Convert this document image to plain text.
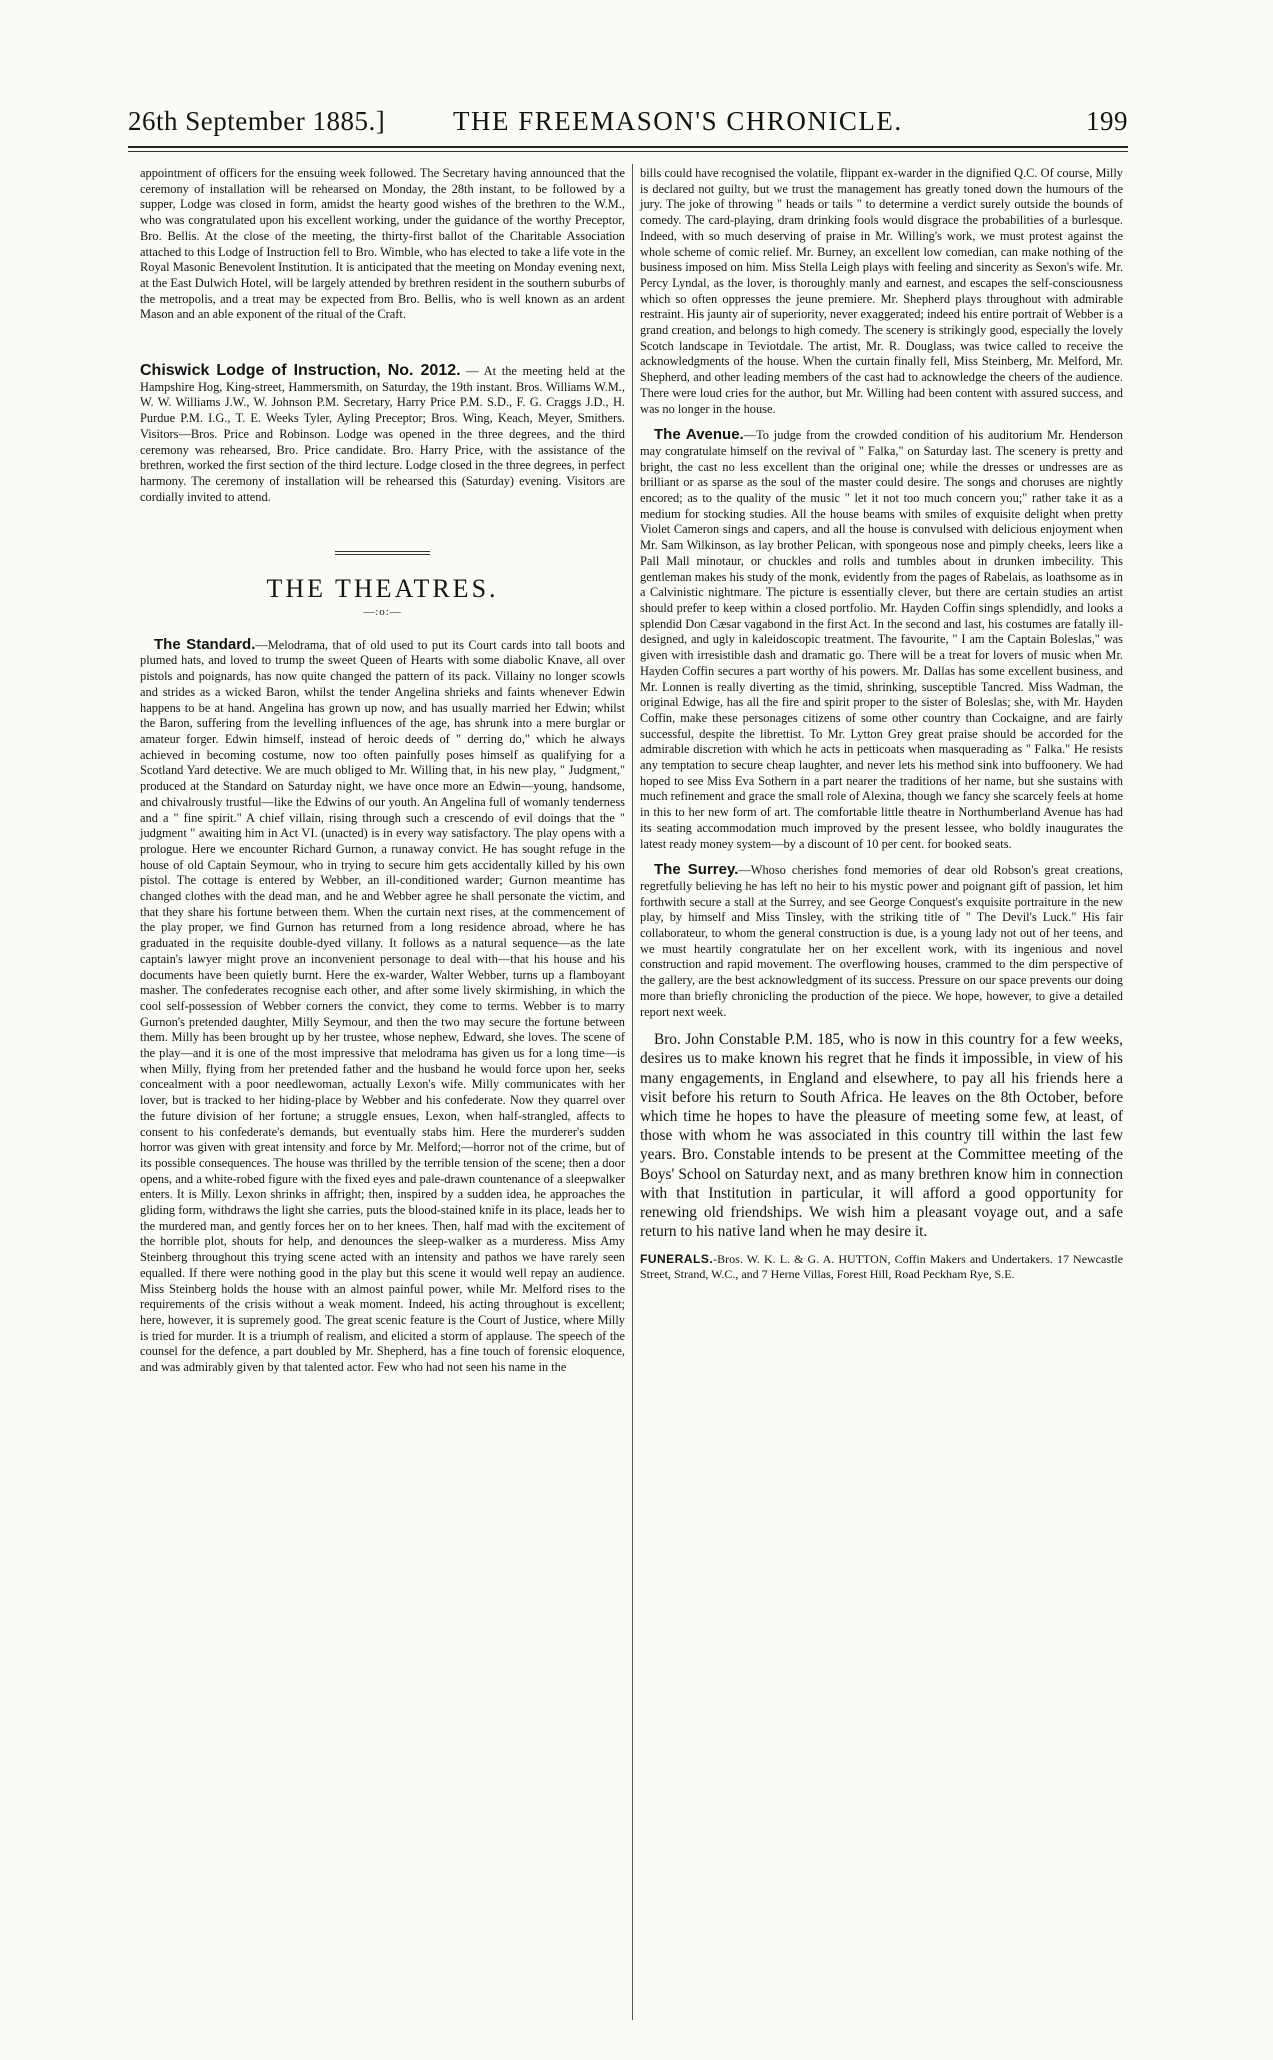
26th September 1885.]	THE FREEMASON'S CHRONICLE.	199

appointment of officers for the ensuing week followed. The Secretary having announced that the ceremony of installation will be rehearsed on Monday, the 28th instant, to be followed by a supper, Lodge was closed in form, amidst the hearty good wishes of the brethren to the W.M., who was congratulated upon his excellent working, under the guidance of the worthy Preceptor, Bro. Bellis. At the close of the meeting, the thirty-first ballot of the Charitable Association attached to this Lodge of Instruction fell to Bro. Wimble, who has elected to take a life vote in the Royal Masonic Benevolent Institution. It is anticipated that the meeting on Monday evening next, at the East Dulwich Hotel, will be largely attended by brethren resident in the southern suburbs of the metropolis, and a treat may be expected from Bro. Bellis, who is well known as an ardent Mason and an able exponent of the ritual of the Craft.

Chiswick Lodge of Instruction, No. 2012. — At the meeting held at the Hampshire Hog, King-street, Hammersmith, on Saturday, the 19th instant. Bros. Williams W.M., W. W. Williams J.W., W. Johnson P.M. Secretary, Harry Price P.M. S.D., F. G. Craggs J.D., H. Purdue P.M. I.G., T. E. Weeks Tyler, Ayling Preceptor; Bros. Wing, Keach, Meyer, Smithers. Visitors—Bros. Price and Robinson. Lodge was opened in the three degrees, and the third ceremony was rehearsed, Bro. Price candidate. Bro. Harry Price, with the assistance of the brethren, worked the first section of the third lecture. Lodge closed in the three degrees, in perfect harmony. The ceremony of installation will be rehearsed this (Saturday) evening. Visitors are cordially invited to attend.

THE THEATRES.
—:o:—

The Standard.—Melodrama, that of old used to put its Court cards into tall boots and plumed hats, and loved to trump the sweet Queen of Hearts with some diabolic Knave, all over pistols and poignards, has now quite changed the pattern of its pack. Villainy no longer scowls and strides as a wicked Baron, whilst the tender Angelina shrieks and faints whenever Edwin happens to be at hand. Angelina has grown up now, and has usually married her Edwin; whilst the Baron, suffering from the levelling influences of the age, has shrunk into a mere burglar or amateur forger. Edwin himself, instead of heroic deeds of " derring do," which he always achieved in becoming costume, now too often painfully poses himself as qualifying for a Scotland Yard detective. We are much obliged to Mr. Willing that, in his new play, " Judgment," produced at the Standard on Saturday night, we have once more an Edwin—young, handsome, and chivalrously trustful—like the Edwins of our youth. An Angelina full of womanly tenderness and a " fine spirit." A chief villain, rising through such a crescendo of evil doings that the " judgment " awaiting him in Act VI. (unacted) is in every way satisfactory. The play opens with a prologue. Here we encounter Richard Gurnon, a runaway convict. He has sought refuge in the house of old Captain Seymour, who in trying to secure him gets accidentally killed by his own pistol. The cottage is entered by Webber, an ill-conditioned warder; Gurnon meantime has changed clothes with the dead man, and he and Webber agree he shall personate the victim, and that they share his fortune between them. When the curtain next rises, at the commencement of the play proper, we find Gurnon has returned from a long residence abroad, where he has graduated in the requisite double-dyed villany. It follows as a natural sequence—as the late captain's lawyer might prove an inconvenient personage to deal with—that his house and his documents have been quietly burnt. Here the ex-warder, Walter Webber, turns up a flamboyant masher. The confederates recognise each other, and after some lively skirmishing, in which the cool self-possession of Webber corners the convict, they come to terms. Webber is to marry Gurnon's pretended daughter, Milly Seymour, and then the two may secure the fortune between them. Milly has been brought up by her trustee, whose nephew, Edward, she loves. The scene of the play—and it is one of the most impressive that melodrama has given us for a long time—is when Milly, flying from her pretended father and the husband he would force upon her, seeks concealment with a poor needlewoman, actually Lexon's wife. Milly communicates with her lover, but is tracked to her hiding-place by Webber and his confederate. Now they quarrel over the future division of her fortune; a struggle ensues, Lexon, when half-strangled, affects to consent to his confederate's demands, but eventually stabs him. Here the murderer's sudden horror was given with great intensity and force by Mr. Melford;—horror not of the crime, but of its possible consequences. The house was thrilled by the terrible tension of the scene; then a door opens, and a white-robed figure with the fixed eyes and pale-drawn countenance of a sleepwalker enters. It is Milly. Lexon shrinks in affright; then, inspired by a sudden idea, he approaches the gliding form, withdraws the light she carries, puts the blood-stained knife in its place, leads her to the murdered man, and gently forces her on to her knees. Then, half mad with the excitement of the horrible plot, shouts for help, and denounces the sleep-walker as a murderess. Miss Amy Steinberg throughout this trying scene acted with an intensity and pathos we have rarely seen equalled. If there were nothing good in the play but this scene it would well repay an audience. Miss Steinberg holds the house with an almost painful power, while Mr. Melford rises to the requirements of the crisis without a weak moment. Indeed, his acting throughout is excellent; here, however, it is supremely good. The great scenic feature is the Court of Justice, where Milly is tried for murder. It is a triumph of realism, and elicited a storm of applause. The speech of the counsel for the defence, a part doubled by Mr. Shepherd, has a fine touch of forensic eloquence, and was admirably given by that talented actor. Few who had not seen his name in the

bills could have recognised the volatile, flippant ex-warder in the dignified Q.C. Of course, Milly is declared not guilty, but we trust the management has greatly toned down the humours of the jury. The joke of throwing " heads or tails " to determine a verdict surely outside the bounds of comedy. The card-playing, dram drinking fools would disgrace the probabilities of a burlesque. Indeed, with so much deserving of praise in Mr. Willing's work, we must protest against the whole scheme of comic relief. Mr. Burney, an excellent low comedian, can make nothing of the business imposed on him. Miss Stella Leigh plays with feeling and sincerity as Sexon's wife. Mr. Percy Lyndal, as the lover, is thoroughly manly and earnest, and escapes the self-consciousness which so often oppresses the jeune premiere. Mr. Shepherd plays throughout with admirable restraint. His jaunty air of superiority, never exaggerated; indeed his entire portrait of Webber is a grand creation, and belongs to high comedy. The scenery is strikingly good, especially the lovely Scotch landscape in Teviotdale. The artist, Mr. R. Douglass, was twice called to receive the acknowledgments of the house. When the curtain finally fell, Miss Steinberg, Mr. Melford, Mr. Shepherd, and other leading members of the cast had to acknowledge the cheers of the audience. There were loud cries for the author, but Mr. Willing had been content with assured success, and was no longer in the house.

The Avenue.—To judge from the crowded condition of his auditorium Mr. Henderson may congratulate himself on the revival of " Falka," on Saturday last. The scenery is pretty and bright, the cast no less excellent than the original one; while the dresses or undresses are as brilliant or as sparse as the soul of the master could desire. The songs and choruses are nightly encored; as to the quality of the music " let it not too much concern you;" rather take it as a medium for stocking studies. All the house beams with smiles of exquisite delight when pretty Violet Cameron sings and capers, and all the house is convulsed with delicious enjoyment when Mr. Sam Wilkinson, as lay brother Pelican, with spongeous nose and pimply cheeks, leers like a Pall Mall minotaur, or chuckles and rolls and tumbles about in drunken imbecility. This gentleman makes his study of the monk, evidently from the pages of Rabelais, as loathsome as in a Calvinistic nightmare. The picture is essentially clever, but there are certain studies an artist should prefer to keep within a closed portfolio. Mr. Hayden Coffin sings splendidly, and looks a splendid Don Cæsar vagabond in the first Act. In the second and last, his costumes are fatally ill-designed, and ugly in kaleidoscopic treatment. The favourite, " I am the Captain Boleslas," was given with irresistible dash and dramatic go. There will be a treat for lovers of music when Mr. Hayden Coffin secures a part worthy of his powers. Mr. Dallas has some excellent business, and Mr. Lonnen is really diverting as the timid, shrinking, susceptible Tancred. Miss Wadman, the original Edwige, has all the fire and spirit proper to the sister of Boleslas; she, with Mr. Hayden Coffin, make these personages citizens of some other country than Cockaigne, and are fairly successful, despite the librettist. To Mr. Lytton Grey great praise should be accorded for the admirable discretion with which he acts in petticoats when masquerading as " Falka." He resists any temptation to secure cheap laughter, and never lets his method sink into buffoonery. We had hoped to see Miss Eva Sothern in a part nearer the traditions of her name, but she sustains with much refinement and grace the small role of Alexina, though we fancy she scarcely feels at home in this to her new form of art. The comfortable little theatre in Northumberland Avenue has had its seating accommodation much improved by the present lessee, who boldly inaugurates the latest ready money system—by a discount of 10 per cent. for booked seats.

The Surrey.—Whoso cherishes fond memories of dear old Robson's great creations, regretfully believing he has left no heir to his mystic power and poignant gift of passion, let him forthwith secure a stall at the Surrey, and see George Conquest's exquisite portraiture in the new play, by himself and Miss Tinsley, with the striking title of " The Devil's Luck." His fair collaborateur, to whom the general construction is due, is a young lady not out of her teens, and we must heartily congratulate her on her excellent work, with its ingenious and novel construction and rapid movement. The overflowing houses, crammed to the dim perspective of the gallery, are the best acknowledgment of its success. Pressure on our space prevents our doing more than briefly chronicling the production of the piece. We hope, however, to give a detailed report next week.

Bro. John Constable P.M. 185, who is now in this country for a few weeks, desires us to make known his regret that he finds it impossible, in view of his many engagements, in England and elsewhere, to pay all his friends here a visit before his return to South Africa. He leaves on the 8th October, before which time he hopes to have the pleasure of meeting some few, at least, of those with whom he was associated in this country till within the last few years. Bro. Constable intends to be present at the Committee meeting of the Boys' School on Saturday next, and as many brethren know him in connection with that Institution in particular, it will afford a good opportunity for renewing old friendships. We wish him a pleasant voyage out, and a safe return to his native land when he may desire it.

FUNERALS.-Bros. W. K. L. & G. A. HUTTON, Coffin Makers and Undertakers. 17 Newcastle Street, Strand, W.C., and 7 Herne Villas, Forest Hill, Road Peckham Rye, S.E.
